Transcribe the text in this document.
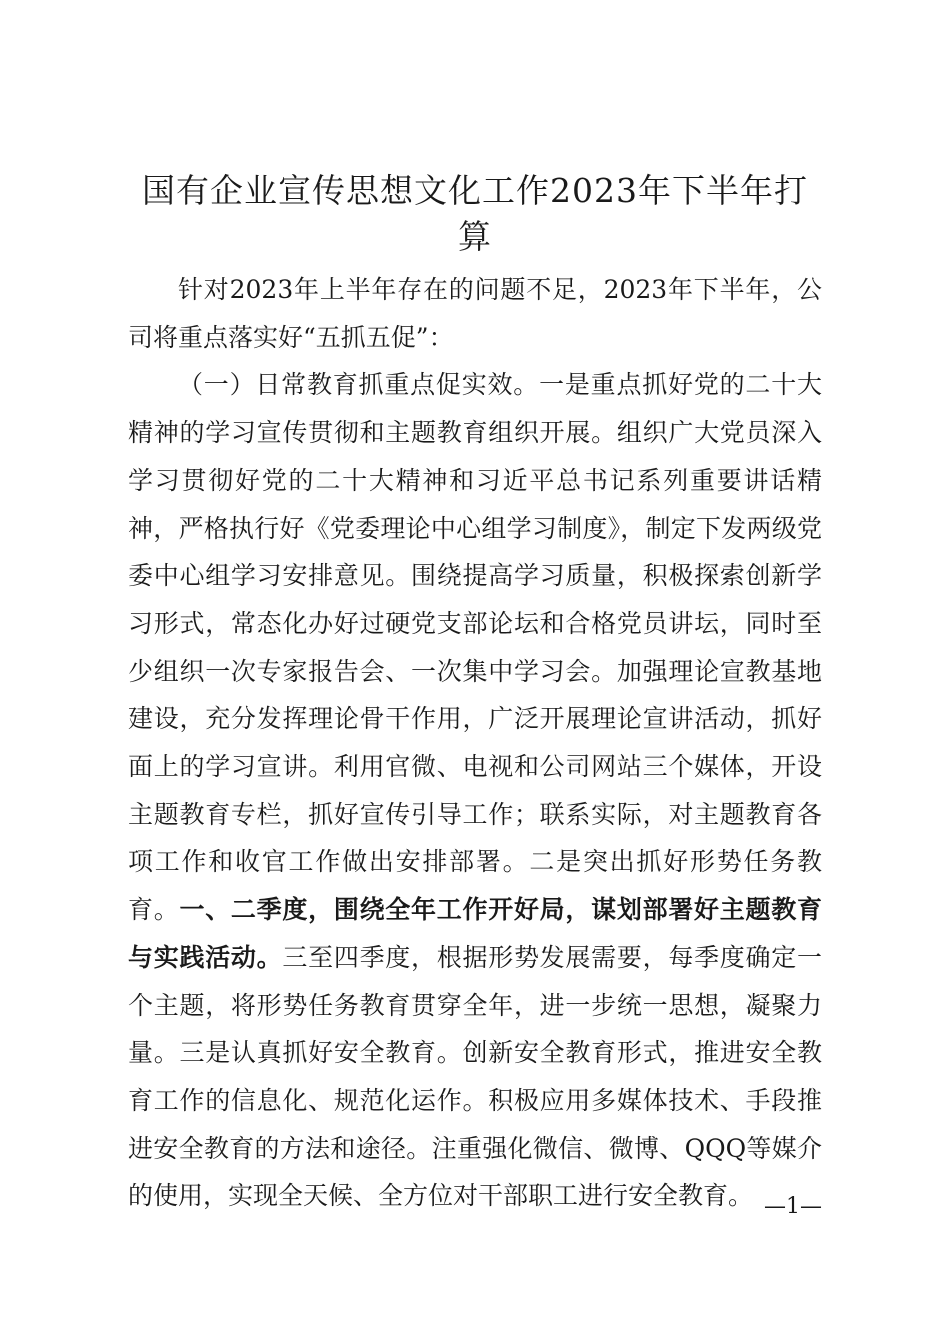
国有企业宣传思想文化工作2023年下半年打算

针对2023年上半年存在的问题不足，2023年下半年，公司将重点落实好“五抓五促”：

（一）日常教育抓重点促实效。一是重点抓好党的二十大精神的学习宣传贯彻和主题教育组织开展。组织广大党员深入学习贯彻好党的二十大精神和习近平总书记系列重要讲话精神，严格执行好《党委理论中心组学习制度》，制定下发两级党委中心组学习安排意见。围绕提高学习质量，积极探索创新学习形式，常态化办好过硬党支部论坛和合格党员讲坛，同时至少组织一次专家报告会、一次集中学习会。加强理论宣教基地建设，充分发挥理论骨干作用，广泛开展理论宣讲活动，抓好面上的学习宣讲。利用官微、电视和公司网站三个媒体，开设主题教育专栏，抓好宣传引导工作；联系实际，对主题教育各项工作和收官工作做出安排部署。二是突出抓好形势任务教育。一、二季度，围绕全年工作开好局，谋划部署好主题教育与实践活动。三至四季度，根据形势发展需要，每季度确定一个主题，将形势任务教育贯穿全年，进一步统一思想，凝聚力量。三是认真抓好安全教育。创新安全教育形式，推进安全教育工作的信息化、规范化运作。积极应用多媒体技术、手段推进安全教育的方法和途径。注重强化微信、微博、QQQ等媒介的使用，实现全天候、全方位对干部职工进行安全教育。 —1—
